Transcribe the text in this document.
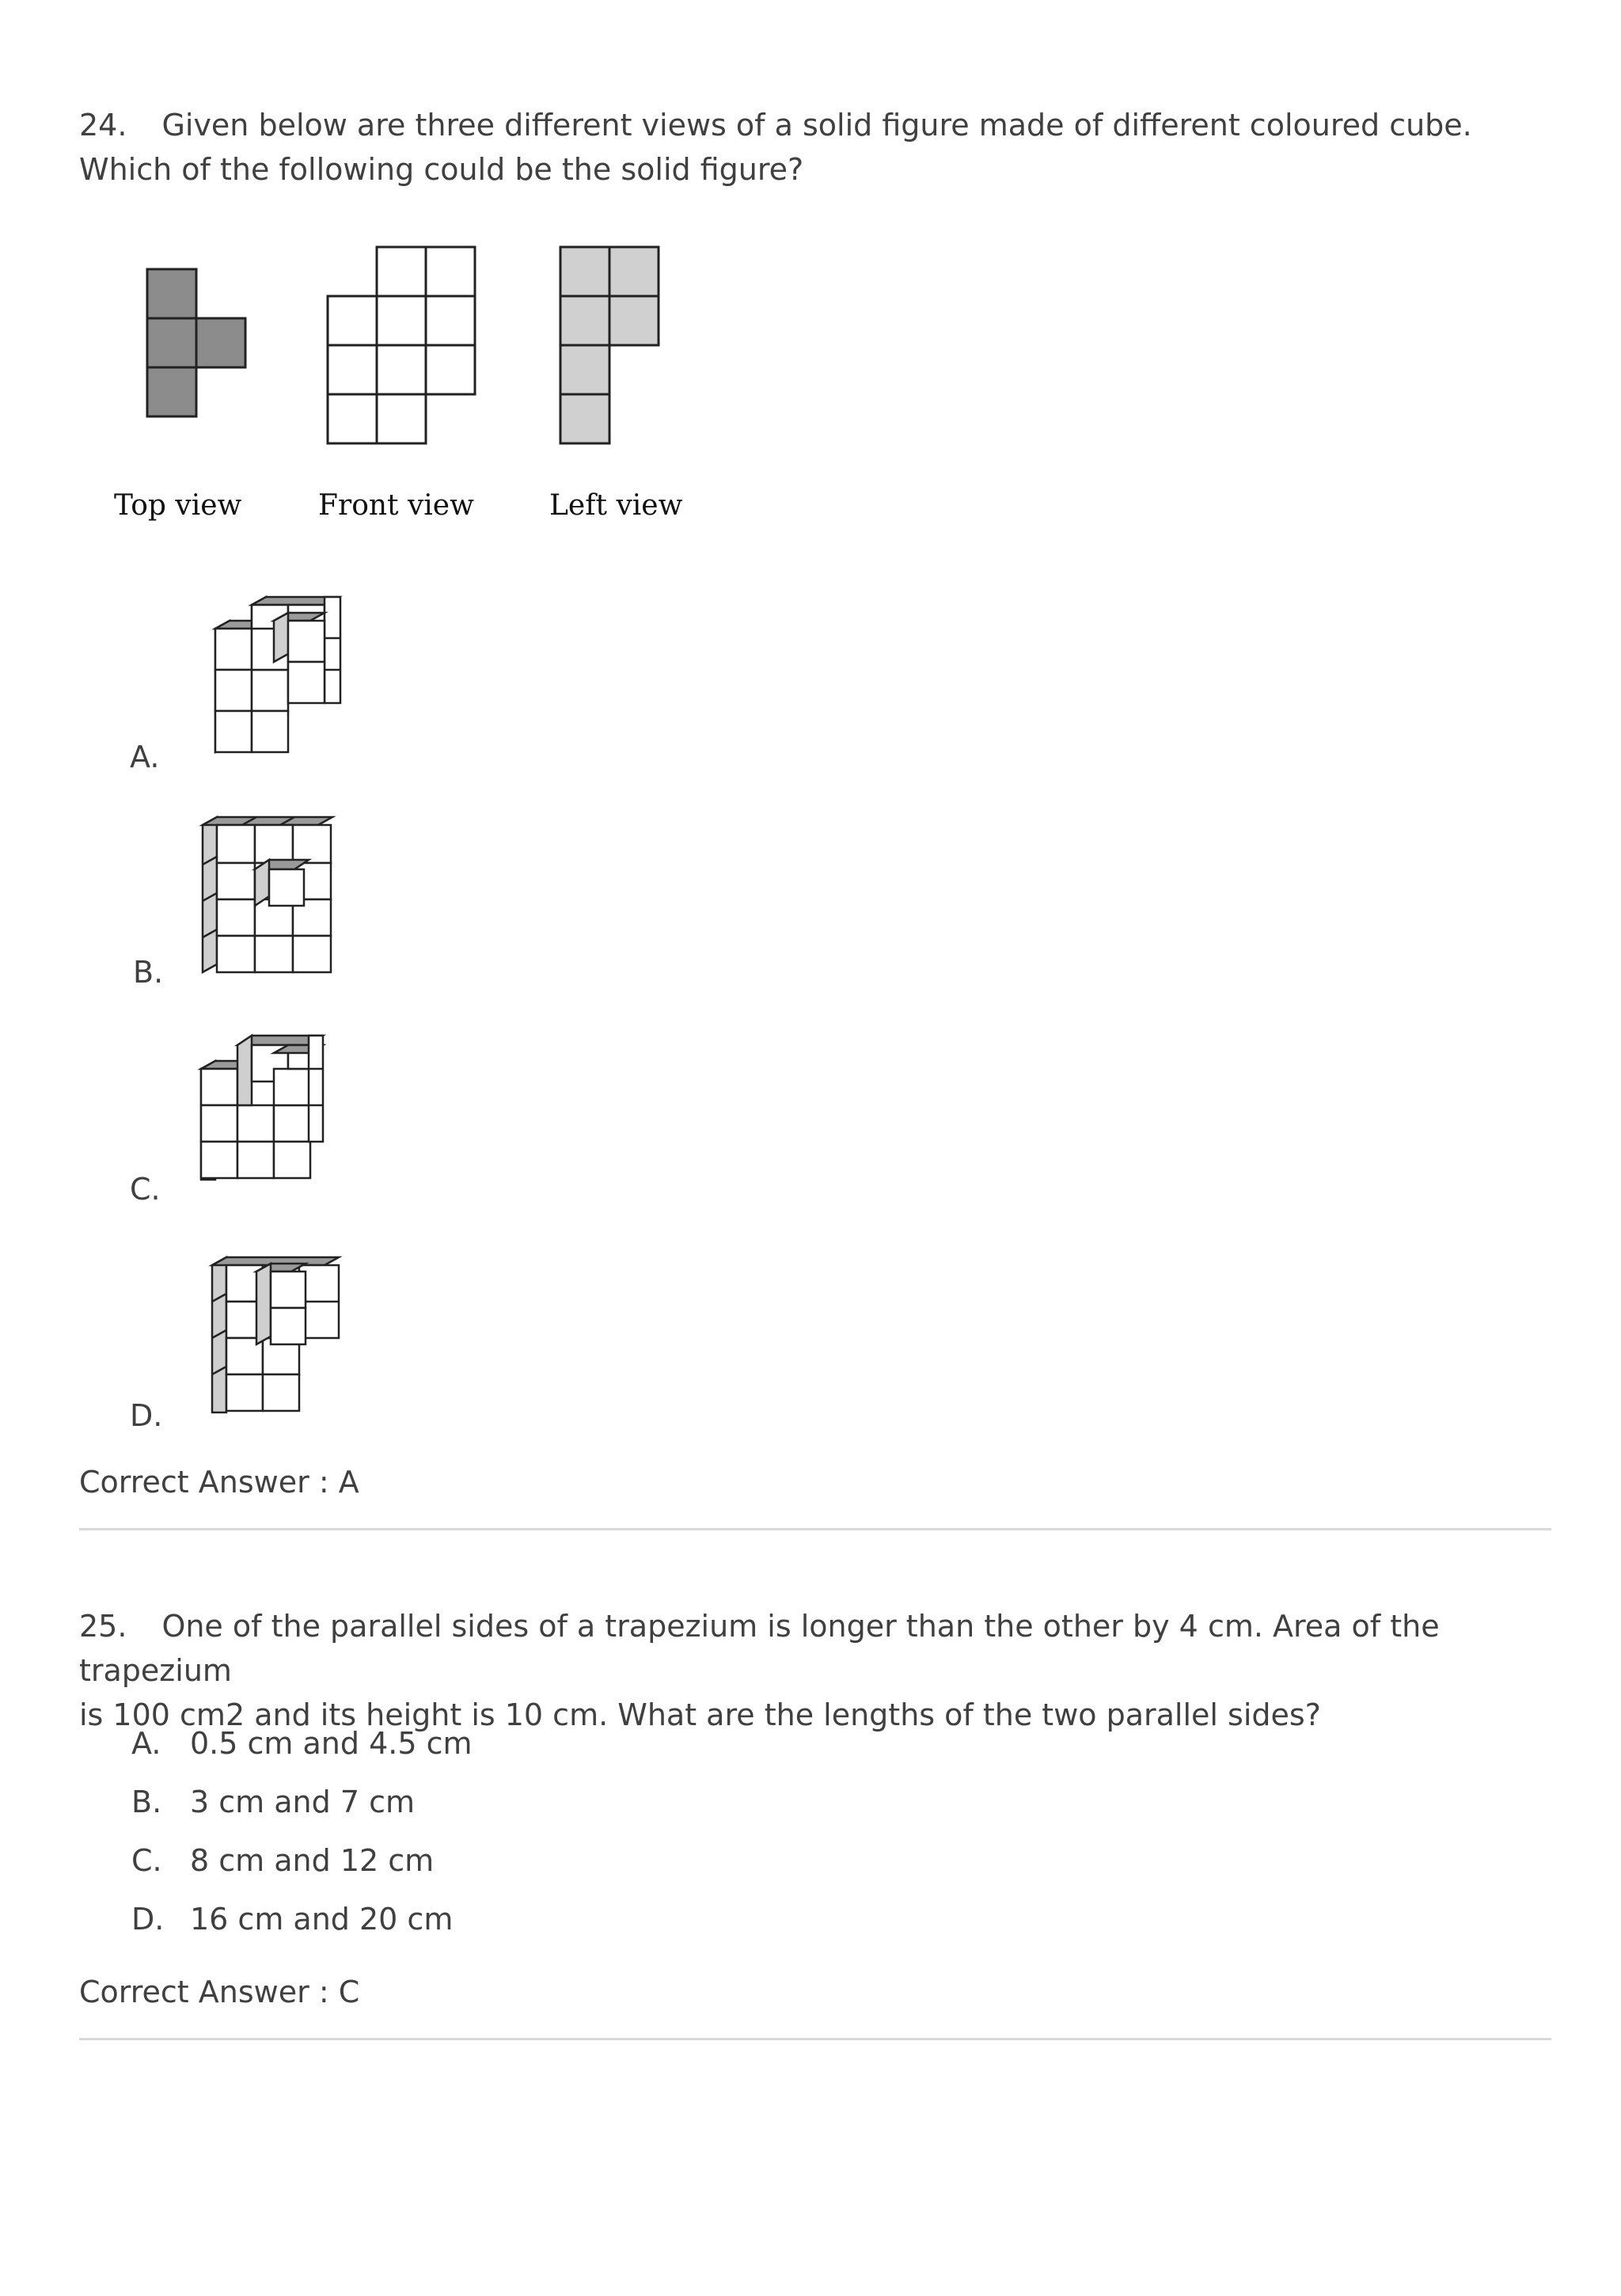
24. Given below are three different views of a solid figure made of different coloured cube.
Which of the following could be the solid figure?

Top view	Front view	Left view
A.
B.
C.
D.
Correct Answer : A

25. One of the parallel sides of a trapezium is longer than the other by 4 cm. Area of the trapezium
is 100 cm2 and its height is 10 cm. What are the lengths of the two parallel sides?

A. 0.5 cm and 4.5 cm
B. 3 cm and 7 cm
C. 8 cm and 12 cm
D. 16 cm and 20 cm
Correct Answer : C
